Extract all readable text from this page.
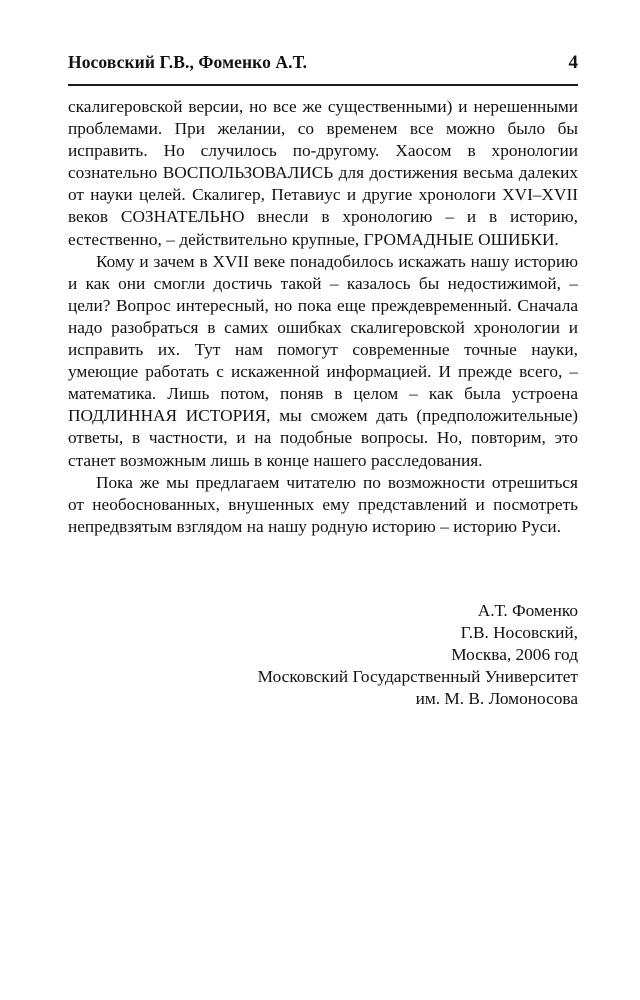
Носовский Г.В., Фоменко А.Т.	4

скалигеровской версии, но все же существенными) и нерешенными проблемами. При желании, со временем все можно было бы исправить. Но случилось по-другому. Хаосом в хронологии сознательно ВОСПОЛЬЗОВАЛИСЬ для достижения весьма далеких от науки целей. Скалигер, Петавиус и другие хронологи XVI–XVII веков СОЗНАТЕЛЬНО внесли в хронологию – и в историю, естественно, – действительно крупные, ГРОМАДНЫЕ ОШИБКИ.

Кому и зачем в XVII веке понадобилось искажать нашу историю и как они смогли достичь такой – казалось бы недостижимой, – цели? Вопрос интересный, но пока еще преждевременный. Сначала надо разобраться в самих ошибках скалигеровской хронологии и исправить их. Тут нам помогут современные точные науки, умеющие работать с искаженной информацией. И прежде всего, – математика. Лишь потом, поняв в целом – как была устроена ПОДЛИННАЯ ИСТОРИЯ, мы сможем дать (предположительные) ответы, в частности, и на подобные вопросы. Но, повторим, это станет возможным лишь в конце нашего расследования.

Пока же мы предлагаем читателю по возможности отрешиться от необоснованных, внушенных ему представлений и посмотреть непредвзятым взглядом на нашу родную историю – историю Руси.

А.Т. Фоменко
Г.В. Носовский,
Москва, 2006 год
Московский Государственный Университет
им. М. В. Ломоносова
